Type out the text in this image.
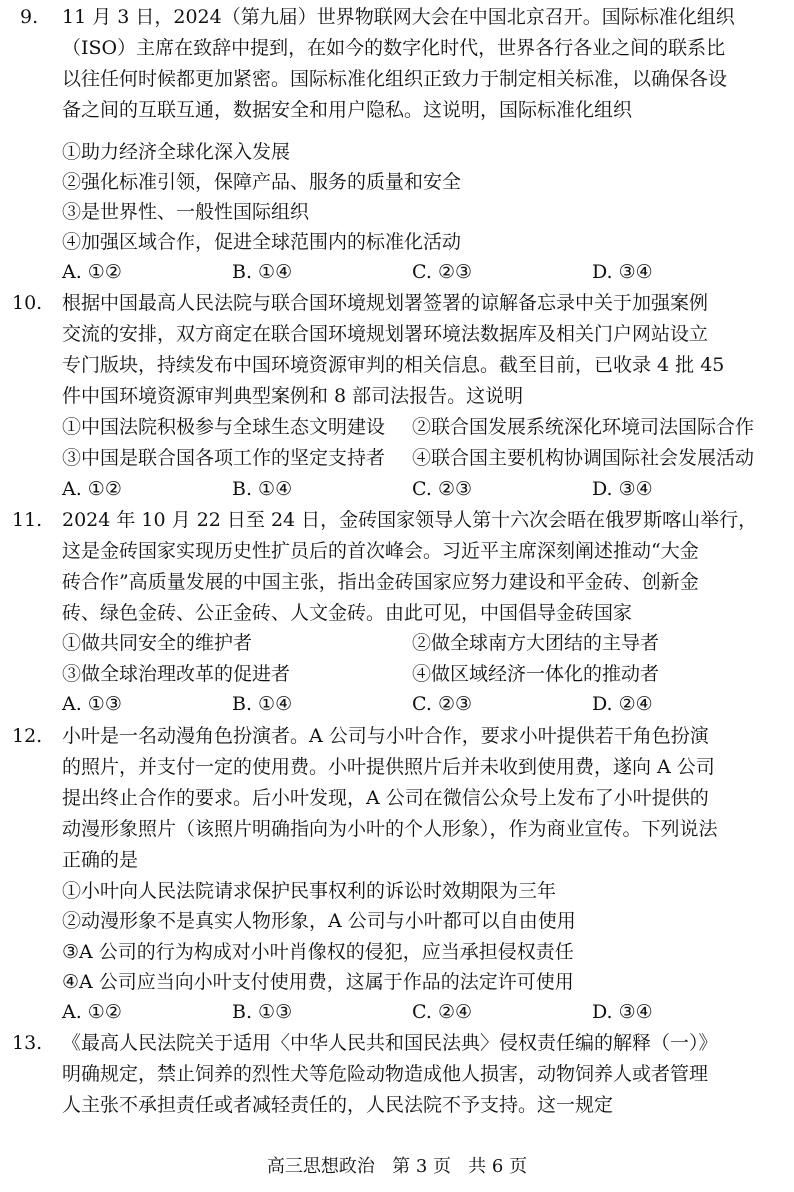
9. 11 月 3 日，2024（第九届）世界物联网大会在中国北京召开。国际标准化组织
（ISO）主席在致辞中提到，在如今的数字化时代，世界各行各业之间的联系比
以往任何时候都更加紧密。国际标准化组织正致力于制定相关标准，以确保各设
备之间的互联互通，数据安全和用户隐私。这说明，国际标准化组织
①助力经济全球化深入发展
②强化标准引领，保障产品、服务的质量和安全
③是世界性、一般性国际组织
④加强区域合作，促进全球范围内的标准化活动
A. ①②	B. ①④	C. ②③	D. ③④
10. 根据中国最高人民法院与联合国环境规划署签署的谅解备忘录中关于加强案例
交流的安排，双方商定在联合国环境规划署环境法数据库及相关门户网站设立
专门版块，持续发布中国环境资源审判的相关信息。截至目前，已收录 4 批 45
件中国环境资源审判典型案例和 8 部司法报告。这说明
①中国法院积极参与全球生态文明建设 ②联合国发展系统深化环境司法国际合作
③中国是联合国各项工作的坚定支持者 ④联合国主要机构协调国际社会发展活动
A. ①②	B. ①④	C. ②③	D. ③④
11. 2024 年 10 月 22 日至 24 日，金砖国家领导人第十六次会晤在俄罗斯喀山举行，
这是金砖国家实现历史性扩员后的首次峰会。习近平主席深刻阐述推动“大金
砖合作”高质量发展的中国主张，指出金砖国家应努力建设和平金砖、创新金
砖、绿色金砖、公正金砖、人文金砖。由此可见，中国倡导金砖国家
①做共同安全的维护者	②做全球南方大团结的主导者
③做全球治理改革的促进者	④做区域经济一体化的推动者
A. ①③	B. ①④	C. ②③	D. ②④
12. 小叶是一名动漫角色扮演者。A 公司与小叶合作，要求小叶提供若干角色扮演
的照片，并支付一定的使用费。小叶提供照片后并未收到使用费，遂向 A 公司
提出终止合作的要求。后小叶发现，A 公司在微信公众号上发布了小叶提供的
动漫形象照片（该照片明确指向为小叶的个人形象），作为商业宣传。下列说法
正确的是
①小叶向人民法院请求保护民事权利的诉讼时效期限为三年
②动漫形象不是真实人物形象，A 公司与小叶都可以自由使用
③A 公司的行为构成对小叶肖像权的侵犯，应当承担侵权责任
④A 公司应当向小叶支付使用费，这属于作品的法定许可使用
A. ①②	B. ①③	C. ②④	D. ③④
13. 《最高人民法院关于适用〈中华人民共和国民法典〉侵权责任编的解释（一）》
明确规定，禁止饲养的烈性犬等危险动物造成他人损害，动物饲养人或者管理
人主张不承担责任或者减轻责任的，人民法院不予支持。这一规定
高三思想政治 第 3 页 共 6 页
